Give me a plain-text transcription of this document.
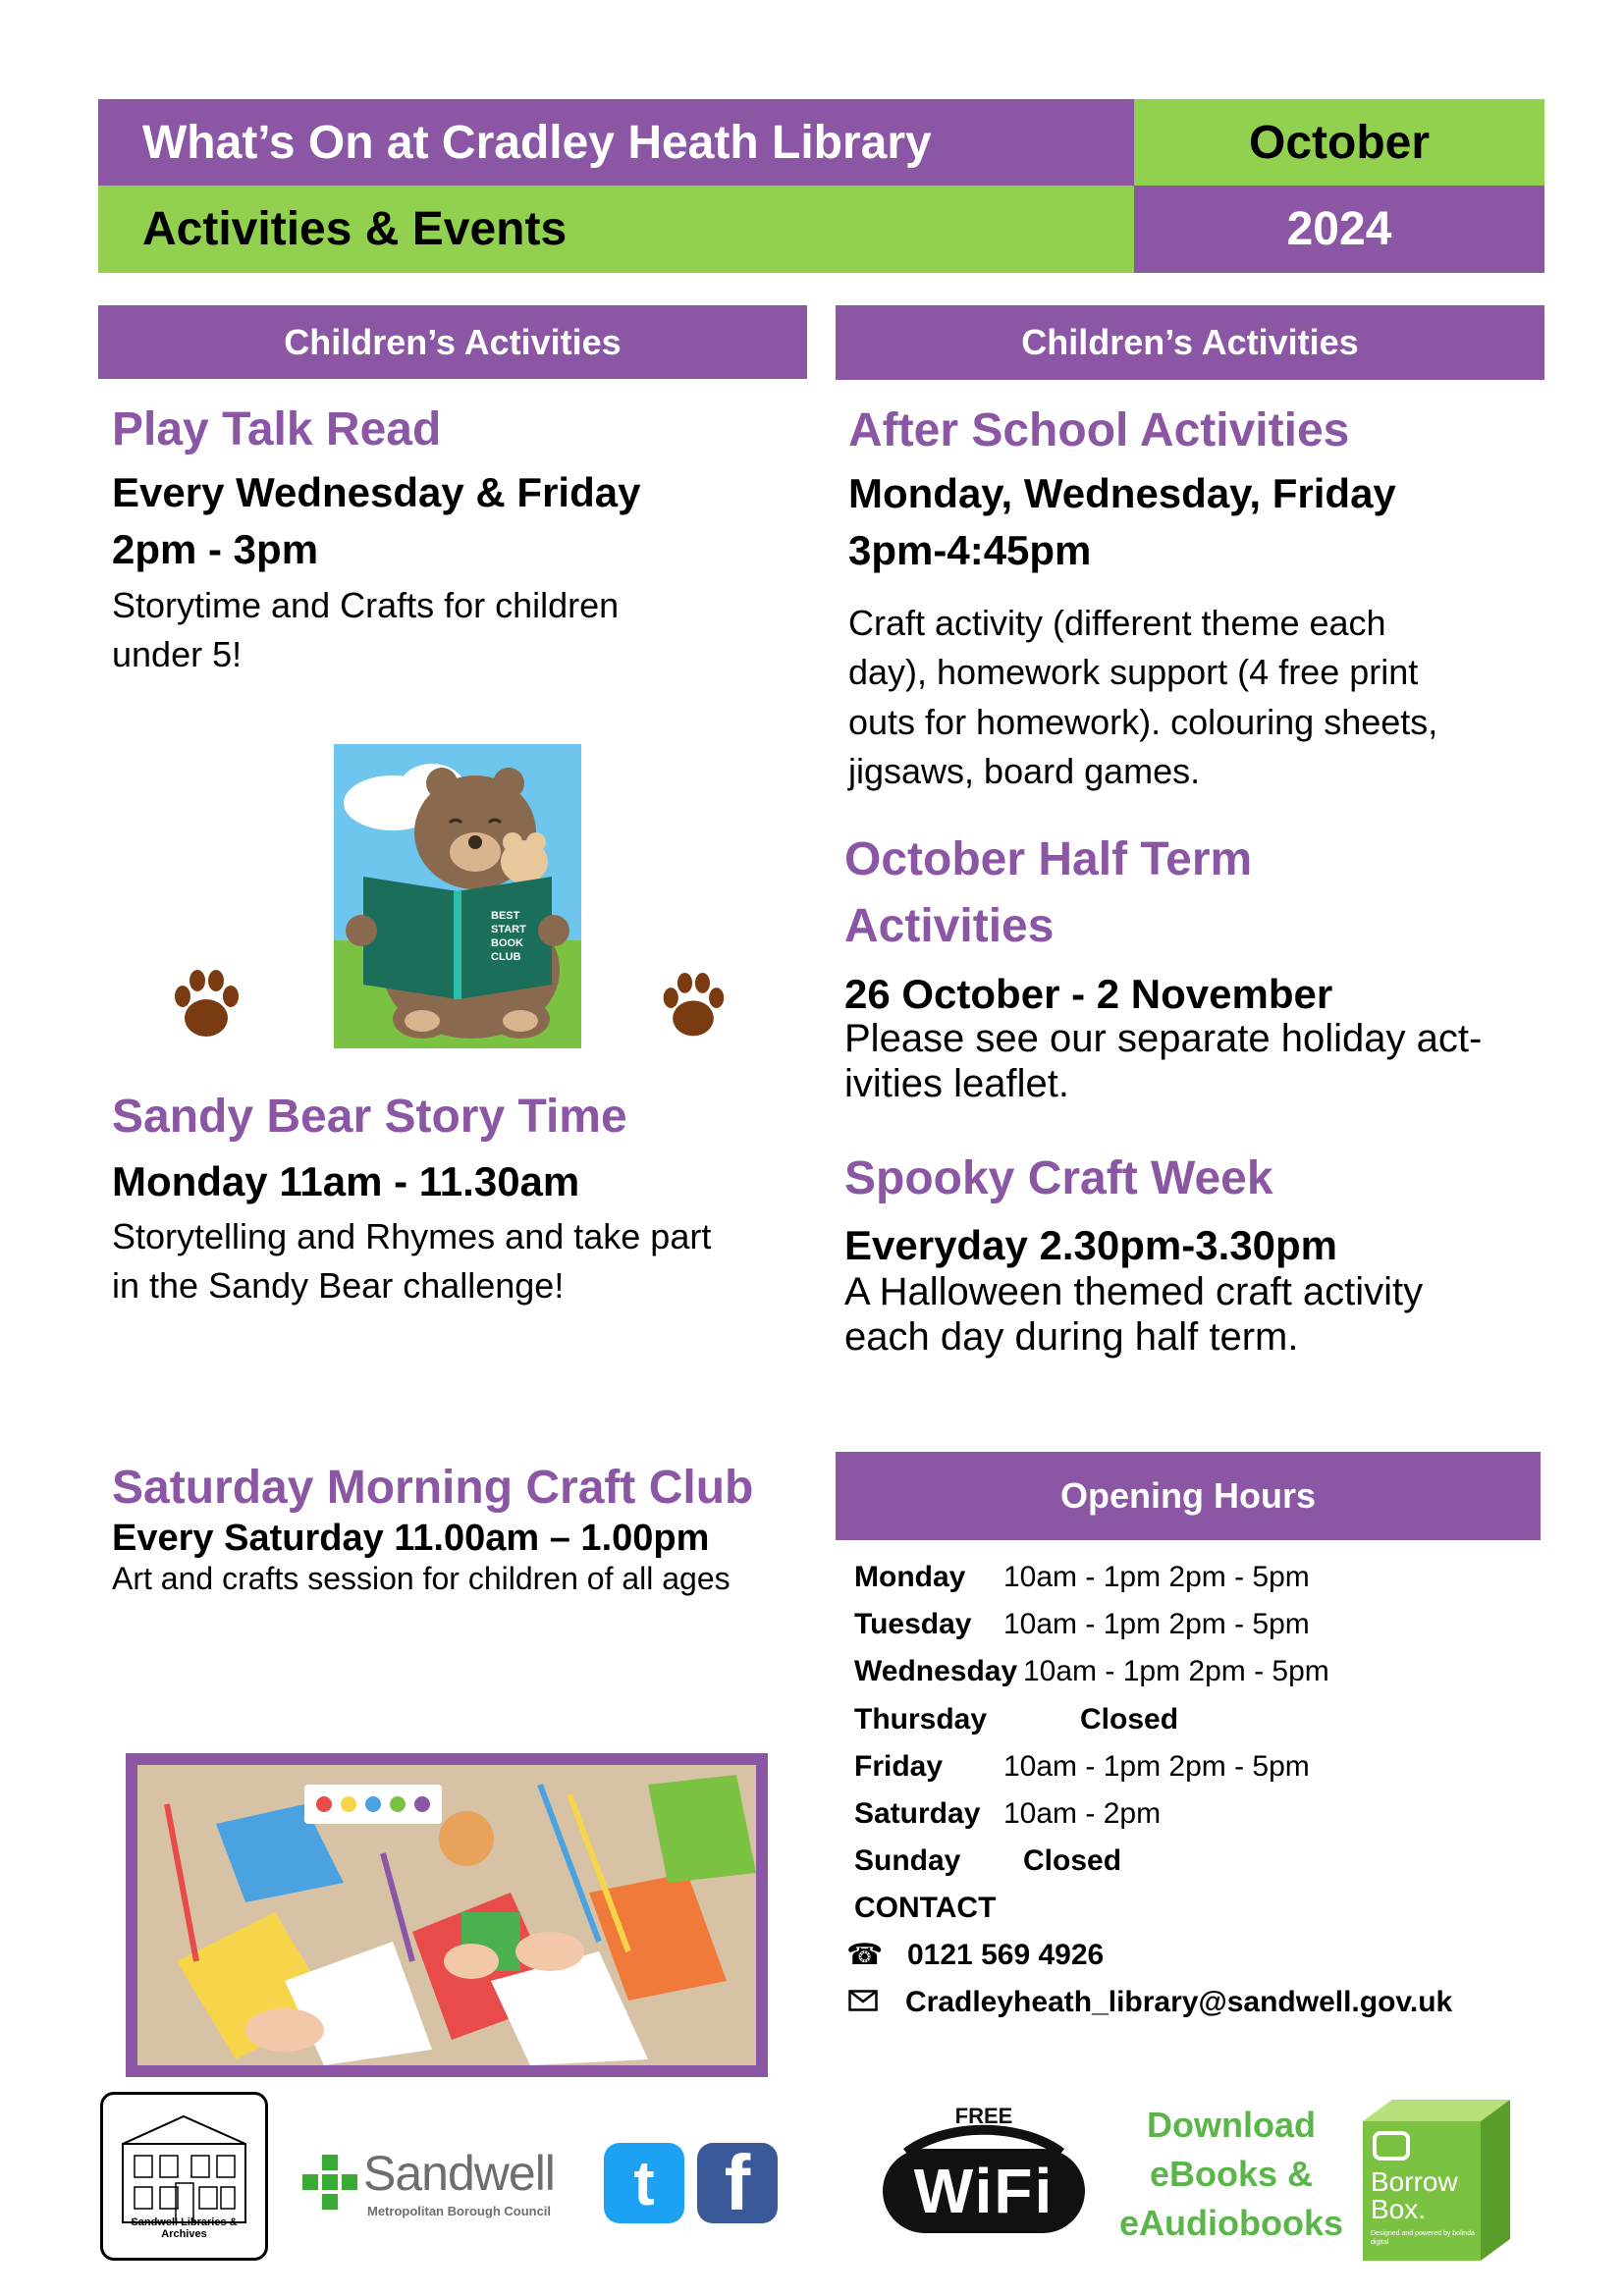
What’s On at Cradley Heath Library	October
Activities & Events	2024
Children’s Activities	Children’s Activities
Play Talk Read

Every Wednesday & Friday

2pm - 3pm

Storytime and Crafts for children

under 5!

BEST
START
BOOK
CLUB
Sandy Bear Story Time

Monday 11am - 11.30am

Storytelling and Rhymes and take part

in the Sandy Bear challenge!

Saturday Morning Craft Club

Every Saturday 11.00am – 1.00pm

Art and crafts session for children of all ages

After School Activities

Monday, Wednesday, Friday

3pm-4:45pm

Craft activity (different theme each

day), homework support (4 free print

outs for homework). colouring sheets,

jigsaws, board games.

October Half Term
Activities

26 October - 2 November

Please see our separate holiday act-

ivities leaflet.

Spooky Craft Week

Everyday 2.30pm-3.30pm

A Halloween themed craft activity

each day during half term.

Opening Hours
Monday 10am - 1pm 2pm - 5pm
Tuesday 10am - 1pm 2pm - 5pm
Wednesday 10am - 1pm 2pm - 5pm
Thursday	Closed
Friday 10am - 1pm 2pm - 5pm
Saturday 10am - 2pm
Sunday Closed
CONTACT
☎ 0121 569 4926
Cradleyheath_library@sandwell.gov.uk
Sandwell Libraries & Archives
Sandwell
Metropolitan Borough Council t f
FREE
WiFi
Download
eBooks &
eAudiobooks
Borrow Box.
Designed and powered by bolinda digital
